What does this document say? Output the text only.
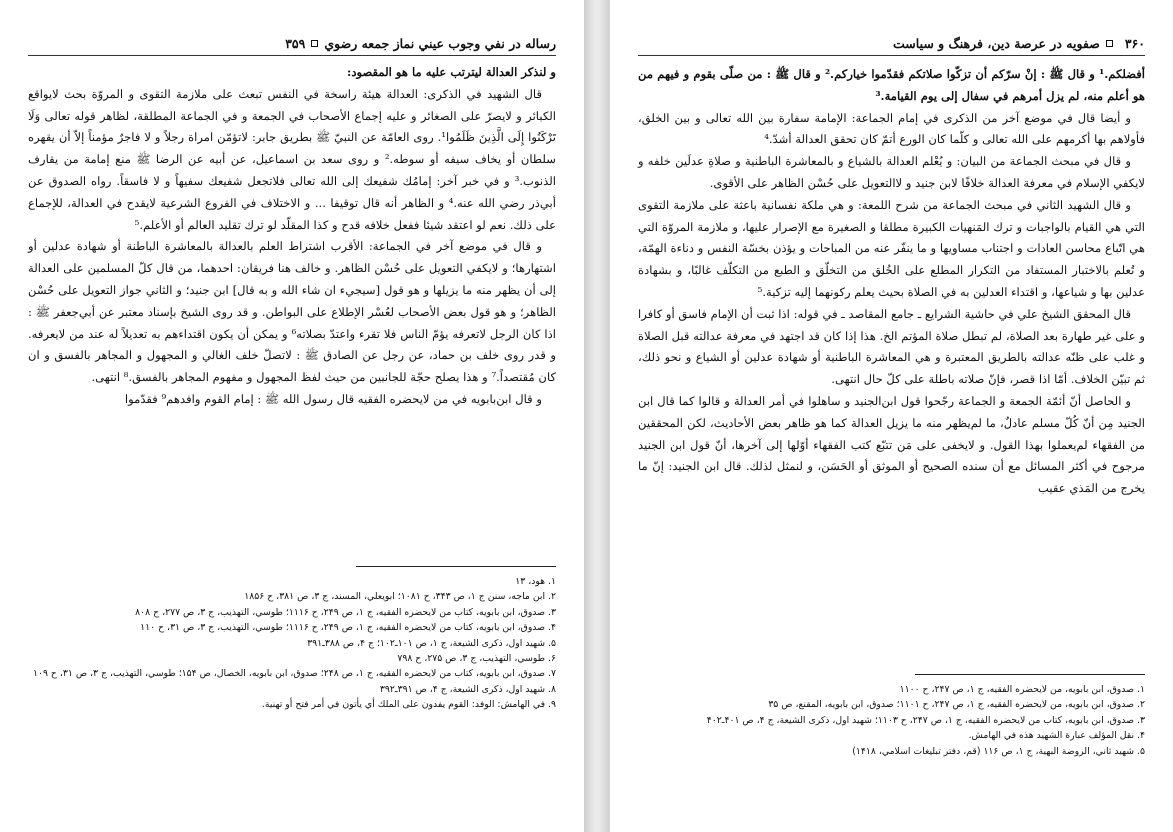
رساله در نفي وجوب عيني نماز جمعه رضوي
۳۵۹

و لنذكر العدالة ليترتب عليه ما هو المقصود:

قال الشهيد في الذكرى: العدالة هيئة راسخة في النفس تبعث على ملازمة التقوى و المروّة بحث لايواقع الكبائر و لايصرّ على الصغائر و عليه إجماع الأصحاب في الجمعة و في الجماعة المطلقة، لظاهر قوله تعالى وَلَا تَرْكَنُوا إِلَى الَّذِينَ ظَلَمُوا¹. روى العامّة عن النبيّ ﷺ بطريق جابر: لاتؤمّن امراة رجلاً و لا فاجرٌ مؤمناً إلاّ أن يقهره سلطان أو يخاف سيفه أو سوطه.² و روى سعد بن اسماعيل، عن أبيه عن الرضا ﷺ منع إمامة من يقارف الذنوب.³ و في خبر آخر: إمامُك شفيعك إلى الله تعالى فلاتجعل شفيعك سفيهاً و لا فاسقاً. رواه الصدوق عن أبي‌ذر رضي الله عنه.⁴ و الظاهر أنه قال توقيفا ... و الاختلاف في الفروع الشرعية لايقدح في العدالة، للإجماع على ذلك. نعم لو اعتقد شيئا ففعل خلافه قدح و كذا المقلّد لو ترك تقليد العالم أو الأعلم.⁵

و قال في موضع آخر في الجماعة: الأقرب اشتراط العلم بالعدالة بالمعاشرة الباطنة أو شهادة عدلين أو اشتهارها؛ و لايكفي التعويل على حُسْن الظاهر. و خالف هنا فريقان: احدهما، من قال كلّ المسلمين على العدالة إلى أن يظهر منه ما يزيلها و هو قول [سيجيء ان شاء الله و به قال] ابن جنيد؛ و الثاني جواز التعويل على حُسْن الظاهر؛ و هو قول بعض الأصحاب لعُسْر الإطلاع على البواطن. و قد روى الشيخ بإسناد معتبر عن أبي‌جعفر ﷺ : اذا كان الرجل لاتعرفه يؤمّ الناس فلا تقرء واعتدّ بصلاته⁶ و يمكن أن يكون اقتداءهم به تعديلاً له عند من لايعرفه. و قدر روى خلف بن حماد، عن رجل عن الصادق ﷺ : لاتصلّ خلف الغالي و المجهول و المجاهر بالفسق و ان كان مُقتصداً.⁷ و هذا يصلح حجّة للجانبين من حيث لفظ المجهول و مفهوم المجاهر بالفسق.⁸ انتهى.

و قال ابن‌بابويه في من لايحضره الفقيه قال رسول الله ﷺ : إمام القوم وافدهم⁹ فقدّموا

۱. هود، ۱۳

۲. ابن ماجه، سنن ج ۱، ص ۳۴۳، ح ۱۰۸۱؛ ابويعلي، المسند، ج ۳، ص ۳۸۱، ح ۱۸۵۶

۳. صدوق، ابن بابويه، كتاب من لايحضره الفقيه، ج ۱، ص ۲۴۹، ح ۱۱۱۶؛ طوسي، التهذيب، ج ۳، ص ۲۷۷، ح ۸۰۸

۴. صدوق، ابن بابويه، كتاب من لايحضره الفقيه، ج ۱، ص ۲۴۹، ح ۱۱۱۶؛ طوسي، التهذيب، ج ۳، ص ۳۱، ح ۱۱۰

۵. شهيد اول، ذكرى الشيعة، ج ۱، ص ۱۰۱ـ۱۰۲؛ ج ۴، ص ۳۸۸ـ۳۹۱

۶. طوسي، التهذيب، ج ۳، ص ۲۷۵، ح ۷۹۸

۷. صدوق، ابن بابويه، كتاب من لايحضره الفقيه، ج ۱، ص ۲۴۸؛ صدوق، ابن بابويه، الخصال، ص ۱۵۴؛ طوسي، التهذيب، ج ۳، ص ۳۱، ح ۱۰۹

۸. شهيد اول، ذكرى الشيعة، ج ۴، ص ۳۹۱ـ۳۹۲

۹. في الهامش: الوفد: القوم يفدون على الملك أي يأتون في أمر فتح أو تهنية.

۳۶۰
صفويه در عرصة دين، فرهنگ و سياست

أفضلكم.¹ و قال ﷺ : إنْ سرّكم أن تزكّوا صلاتكم فقدّموا خياركم.² و قال ﷺ : من صلّى بقوم و فيهم من هو أعلم منه، لم يزل أمرهم في سفال إلى يوم القيامة.³

و أيضا قال في موضع آخر من الذكرى في إمام الجماعة: الإمامة سفارة بين الله تعالى و بين الخلق، فأولاهم بها أكرمهم على الله تعالى و كلّما كان الورع أتمّ كان تحقق العدالة أشدّ.⁴

و قال في مبحث الجماعة من البيان: و يُعْلم العدالة بالشياع و بالمعاشرة الباطنية و صلاةِ عدلَين خلفه و لايكفي الإسلام في معرفة العدالة خلافًا لابن جنيد و لاالتعويل على حُسْن الظاهر على الأقوى.

و قال الشهيد الثاني في مبحث الجماعة من شرح اللمعة: و هي ملكة نفسانية باعثة على ملازمة التقوى التي هي القيام بالواجبات و ترك المَنهيات الكبيرة مطلقا و الصغيرة مع الإصرار عليها، و ملازمة المروّة التي هي اتّباع محاسن العادات و اجتناب مساويها و ما ينفّر عنه من المباحات و يؤذن بخسّة النفس و دناءة الهمّة، و تُعلم بالاختبار المستفاد من التكرار المطلع على الخُلق من التخلّق و الطبع من التكلّف غالبًا، و بشهادة عدلين بها و شياعها، و اقتداء العدلين به في الصلاة بحيث يعلم ركونهما إليه تزكية.⁵

قال المحقق الشيخ علي في حاشية الشرايع ـ جامع المقاصد ـ في قوله: اذا ثبت أن الإمام فاسق أو كافرا و على غير طهارة بعد الصلاة، لم تبطل صلاة المؤتم الخ. هذا إذا كان قد اجتهد في معرفة عدالته قبل الصلاة و غلب على ظنّه عدالته بالطريق المعتبرة و هي المعاشرة الباطنية أو شهادة عدلين أو الشياع و نحو ذلك، ثم تبيّن الخلاف. أمّا اذا قصر، فإنّ صلاته باطلة على كلّ حال انتهى.

و الحاصل أنّ أئمّة الجمعة و الجماعة رجّحوا قول ابن‌الجنيد و ساهلوا في أمر العدالة و قالوا كما قال ابن الجنيد مِن أنّ كُلّ مسلم عادلٌ، ما لم‌يظهر منه ما يزيل العدالة كما هو ظاهر بعض الأحاديث، لكن المحققين من الفقهاء لم‌يعملوا بهذا القول. و لايخفى على مَن تتبّع كتب الفقهاء أوّلها إلى آخرها، أنّ قول ابن الجنيد مرجوح في أكثر المسائل مع أن سنده الصحيح أو الموثق أو الحَسَن، و لنمثل لذلك. قال ابن الجنيد: إنّ ما يخرج من المَذي عقيب

۱. صدوق، ابن بابويه، من لايحضره الفقيه، ج ۱، ص ۲۴۷، ح ۱۱۰۰

۲. صدوق، ابن بابويه، من لايحضره الفقيه، ج ۱، ص ۲۴۷، ح ۱۱۰۱؛ صدوق، ابن بابويه، المقنع، ص ۳۵

۳. صدوق، ابن بابويه، كتاب من لايحضره الفقيه، ج ۱، ص ۲۴۷، ح ۱۱۰۳؛ شهيد اول، ذكرى الشيعة، ج ۴، ص ۴۰۱ـ۴۰۲

۴. نقل المؤلف عبارة الشهيد هذه في الهامش.

۵. شهيد ثاني، الروضة البهية، ج ۱، ص ۱۱۶ (قم، دفتر تبليغات اسلامي، ۱۴۱۸)
